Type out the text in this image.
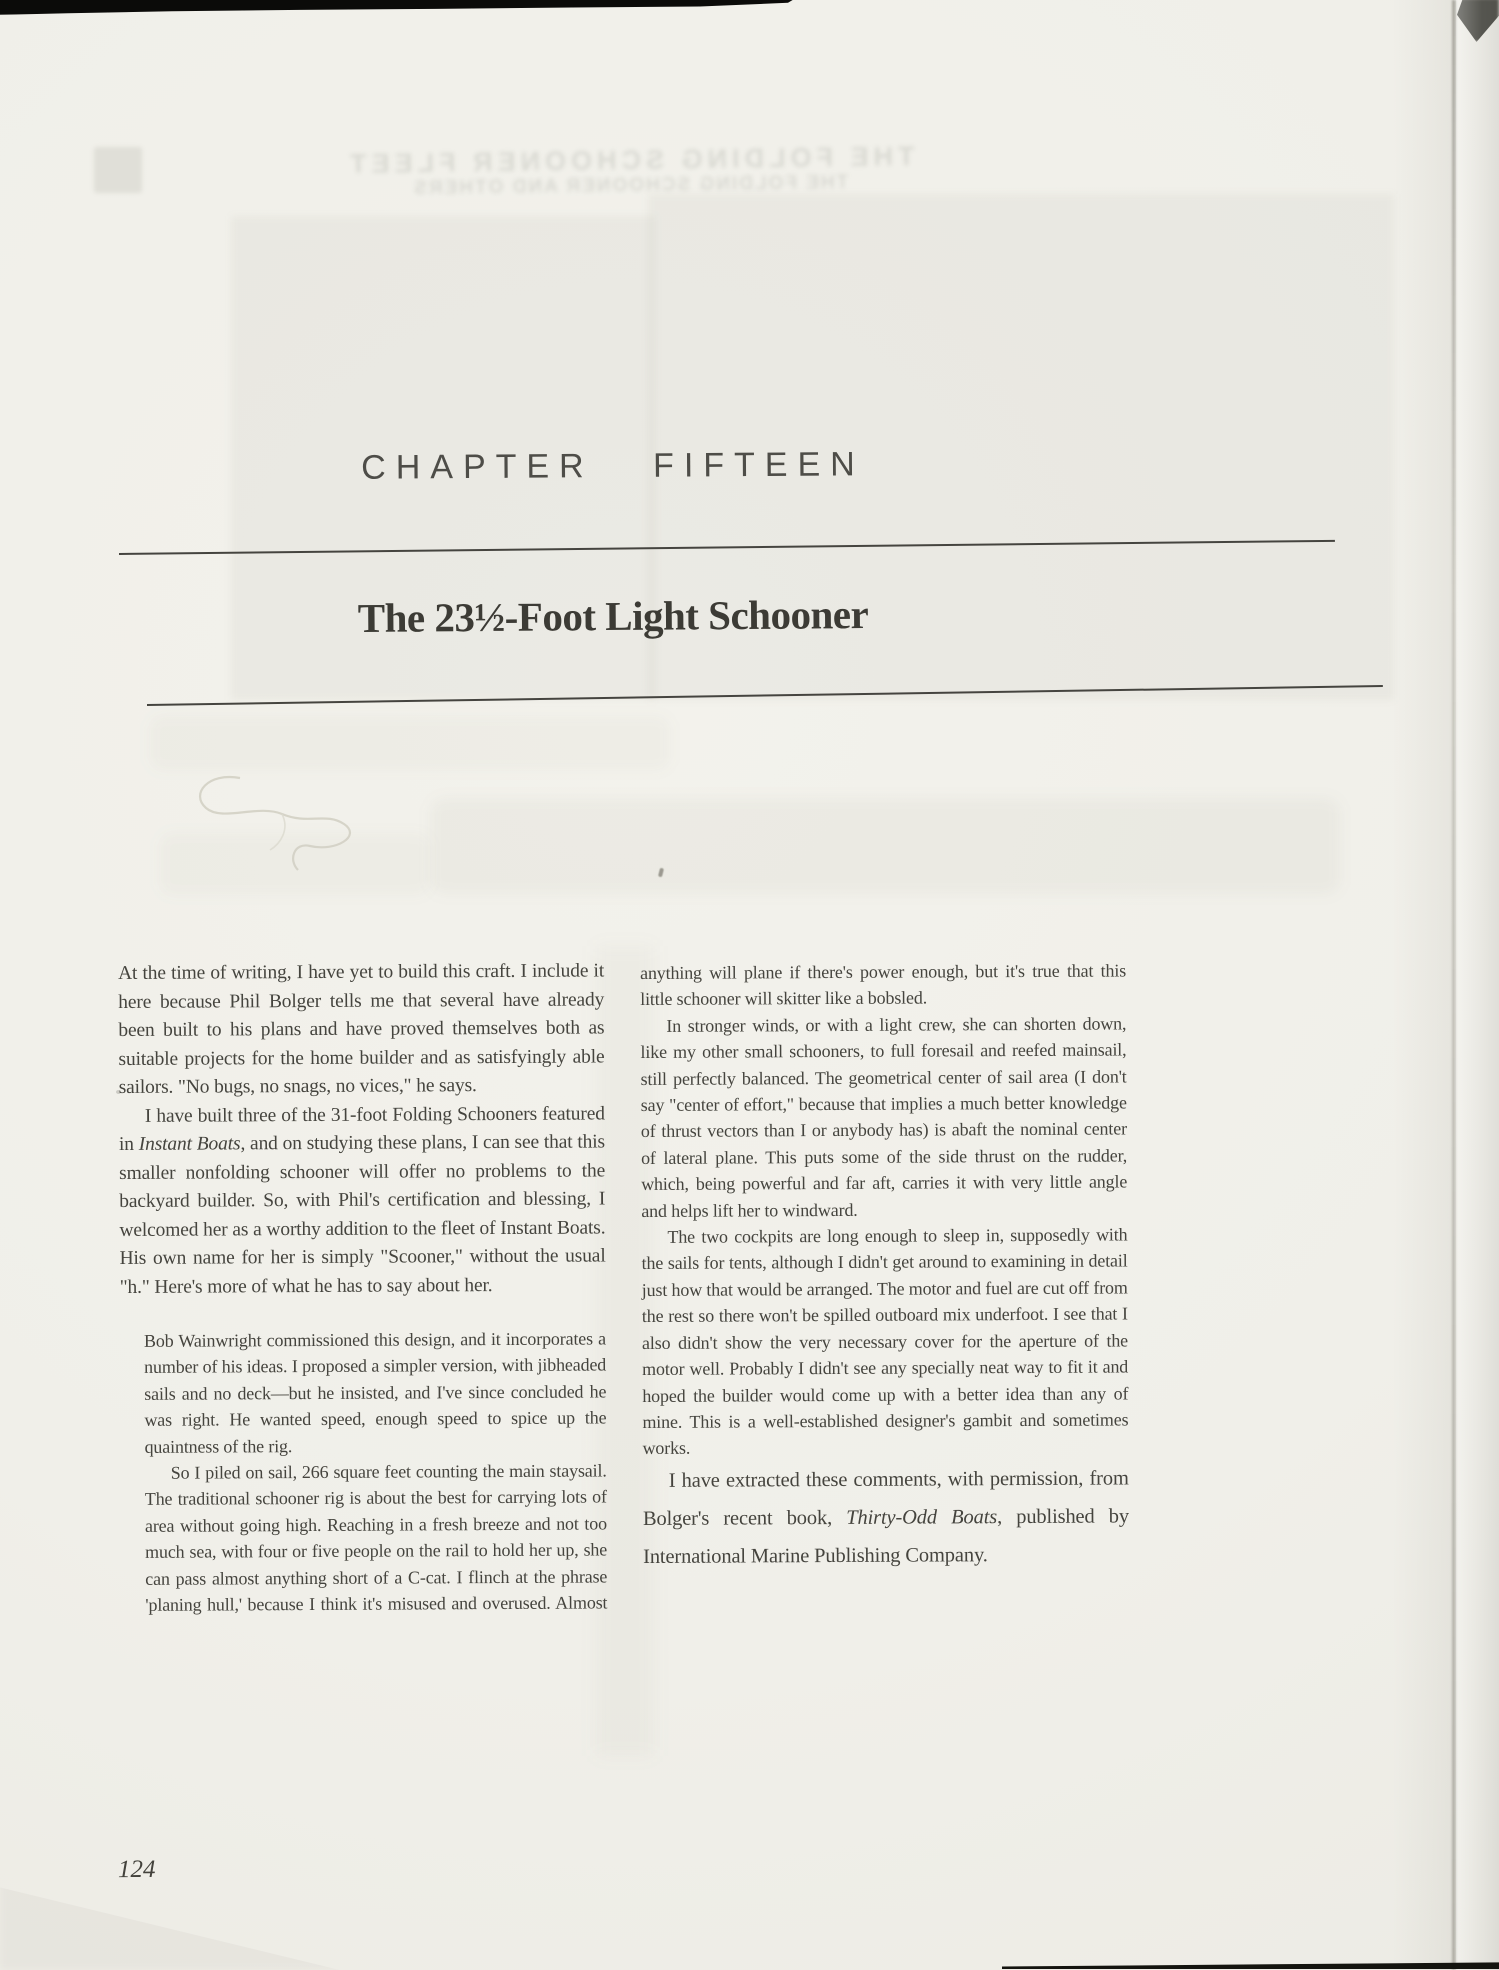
THE FOLDING SCHOONER FLEET
THE FOLDING SCHOONER AND OTHERS
CHAPTER FIFTEEN
The 23½-Foot Light Schooner

At the time of writing, I have yet to build this craft. I include it here because Phil Bolger tells me that several have already been built to his plans and have proved themselves both as suitable projects for the home builder and as satisfyingly able sailors. "No bugs, no snags, no vices," he says.

I have built three of the 31-foot Folding Schooners featured in Instant Boats, and on studying these plans, I can see that this smaller nonfolding schooner will offer no problems to the backyard builder. So, with Phil's certification and blessing, I welcomed her as a worthy addition to the fleet of Instant Boats. His own name for her is simply "Scooner," without the usual "h." Here's more of what he has to say about her.

Bob Wainwright commissioned this design, and it incorporates a number of his ideas. I proposed a simpler version, with jibheaded sails and no deck—but he insisted, and I've since concluded he was right. He wanted speed, enough speed to spice up the quaintness of the rig.

So I piled on sail, 266 square feet counting the main staysail. The traditional schooner rig is about the best for carrying lots of area without going high. Reaching in a fresh breeze and not too much sea, with four or five people on the rail to hold her up, she can pass almost anything short of a C-cat. I flinch at the phrase 'planing hull,' because I think it's misused and overused. Almost

anything will plane if there's power enough, but it's true that this little schooner will skitter like a bobsled.

In stronger winds, or with a light crew, she can shorten down, like my other small schooners, to full foresail and reefed mainsail, still perfectly balanced. The geometrical center of sail area (I don't say "center of effort," because that implies a much better knowledge of thrust vectors than I or anybody has) is abaft the nominal center of lateral plane. This puts some of the side thrust on the rudder, which, being powerful and far aft, carries it with very little angle and helps lift her to windward.

The two cockpits are long enough to sleep in, supposedly with the sails for tents, although I didn't get around to examining in detail just how that would be arranged. The motor and fuel are cut off from the rest so there won't be spilled outboard mix underfoot. I see that I also didn't show the very necessary cover for the aperture of the motor well. Probably I didn't see any specially neat way to fit it and hoped the builder would come up with a better idea than any of mine. This is a well-established designer's gambit and sometimes works.

I have extracted these comments, with permission, from Bolger's recent book, Thirty-Odd Boats, published by International Marine Publishing Company.

124
